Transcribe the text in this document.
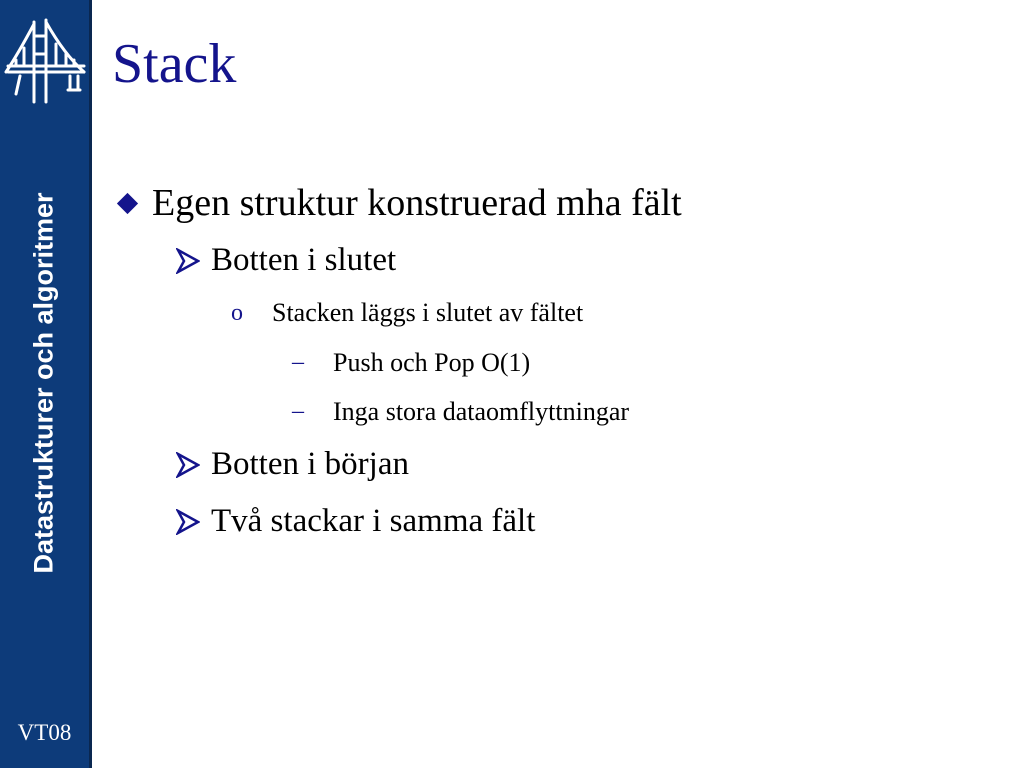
Datastrukturer och algoritmer
VT08
Stack
Egen struktur konstruerad mha fält
Botten i slutet
o Stacken läggs i slutet av fältet
– Push och Pop O(1)
– Inga stora dataomflyttningar
Botten i början
Två stackar i samma fält
